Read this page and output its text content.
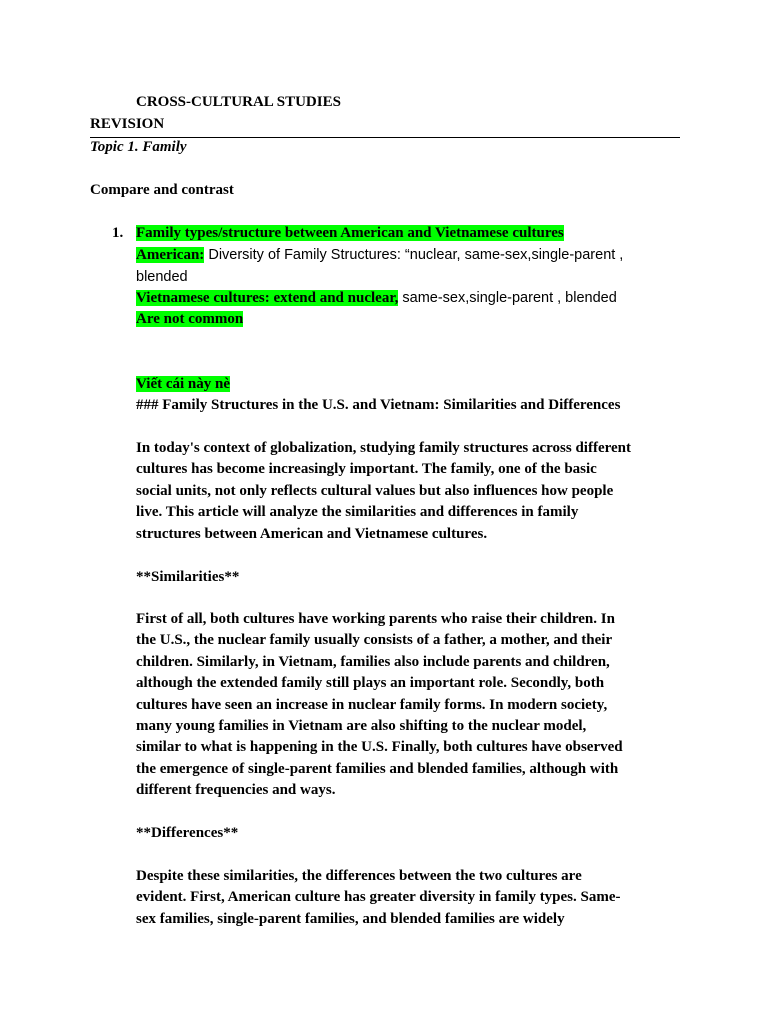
CROSS-CULTURAL STUDIES
REVISION
Topic 1. Family
Compare and contrast
1. Family types/structure between American and Vietnamese cultures
American: Diversity of Family Structures: “nuclear, same-sex,single-parent ,
blended
Vietnamese cultures: extend and nuclear, same-sex,single-parent , blended
Are not common
Viết cái này nè
### Family Structures in the U.S. and Vietnam: Similarities and Differences
In today's context of globalization, studying family structures across different
cultures has become increasingly important. The family, one of the basic
social units, not only reflects cultural values but also influences how people
live. This article will analyze the similarities and differences in family
structures between American and Vietnamese cultures.
**Similarities**
First of all, both cultures have working parents who raise their children. In
the U.S., the nuclear family usually consists of a father, a mother, and their
children. Similarly, in Vietnam, families also include parents and children,
although the extended family still plays an important role. Secondly, both
cultures have seen an increase in nuclear family forms. In modern society,
many young families in Vietnam are also shifting to the nuclear model,
similar to what is happening in the U.S. Finally, both cultures have observed
the emergence of single-parent families and blended families, although with
different frequencies and ways.
**Differences**
Despite these similarities, the differences between the two cultures are
evident. First, American culture has greater diversity in family types. Same-
sex families, single-parent families, and blended families are widely
